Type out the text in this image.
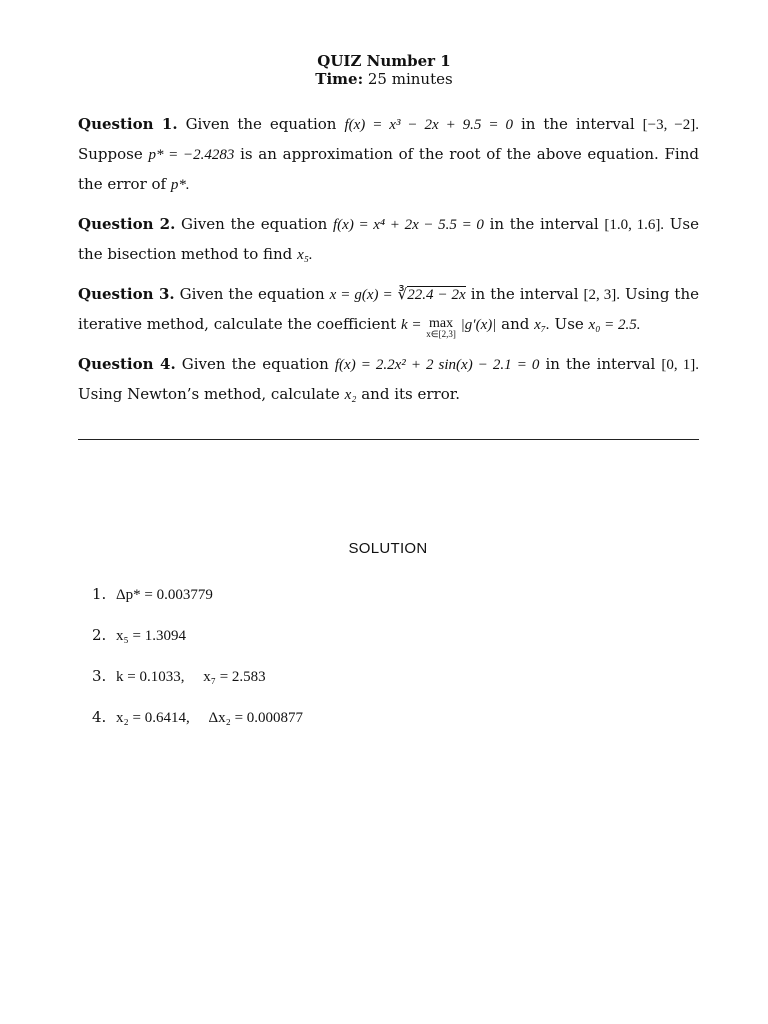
QUIZ Number 1
Time: 25 minutes
Question 1. Given the equation f(x) = x³ − 2x + 9.5 = 0 in the interval [−3, −2]. Suppose p* = −2.4283 is an approximation of the root of the above equation. Find the error of p*.
Question 2. Given the equation f(x) = x⁴ + 2x − 5.5 = 0 in the interval [1.0, 1.6]. Use the bisection method to find x₅.
Question 3. Given the equation x = g(x) = ∛22.4 − 2x in the interval [2, 3]. Using the iterative method, calculate the coefficient k = max
x∈[2,3]
|g′(x)| and x₇. Use x₀ = 2.5.
Question 4. Given the equation f(x) = 2.2x² + 2 sin(x) − 2.1 = 0 in the interval [0, 1]. Using Newton’s method, calculate x₂ and its error.
SOLUTION
1. Δp* = 0.003779
2. x₅ = 1.3094
3. k = 0.1033,     x₇ = 2.583
4. x₂ = 0.6414,     Δx₂ = 0.000877
